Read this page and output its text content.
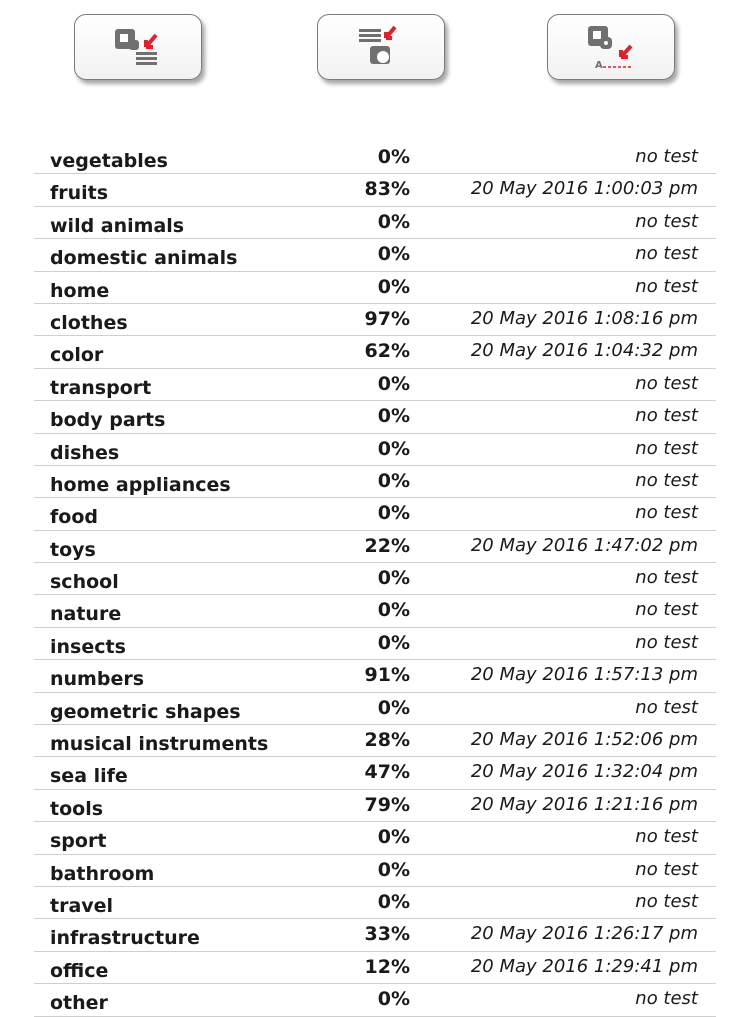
A
vegetables	0%	no test
fruits	83%	20 May 2016 1:00:03 pm
wild animals	0%	no test
domestic animals	0%	no test
home	0%	no test
clothes	97%	20 May 2016 1:08:16 pm
color	62%	20 May 2016 1:04:32 pm
transport	0%	no test
body parts	0%	no test
dishes	0%	no test
home appliances	0%	no test
food	0%	no test
toys	22%	20 May 2016 1:47:02 pm
school	0%	no test
nature	0%	no test
insects	0%	no test
numbers	91%	20 May 2016 1:57:13 pm
geometric shapes	0%	no test
musical instruments	28%	20 May 2016 1:52:06 pm
sea life	47%	20 May 2016 1:32:04 pm
tools	79%	20 May 2016 1:21:16 pm
sport	0%	no test
bathroom	0%	no test
travel	0%	no test
infrastructure	33%	20 May 2016 1:26:17 pm
office	12%	20 May 2016 1:29:41 pm
other	0%	no test
